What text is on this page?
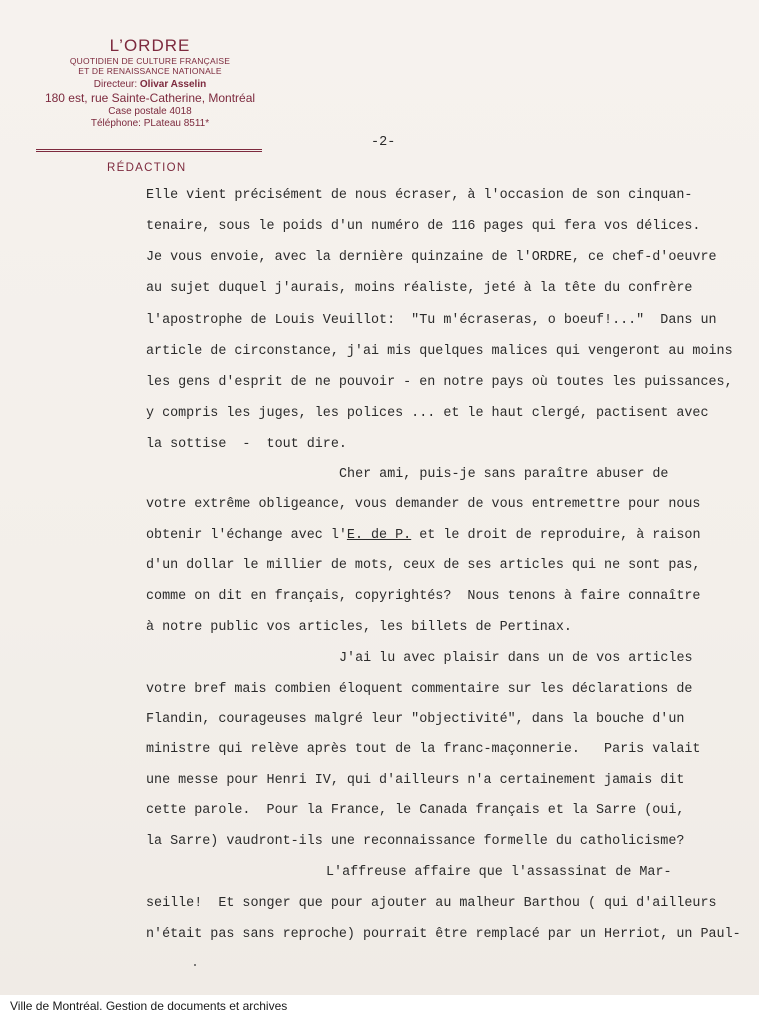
L’ORDRE
QUOTIDIEN DE CULTURE FRANÇAISE
ET DE RENAISSANCE NATIONALE
Directeur: Olivar Asselin
180 est, rue Sainte-Catherine, Montréal
Case postale 4018
Téléphone: PLateau 8511*
RÉDACTION
-2-
Elle vient précisément de nous écraser, à l'occasion de son cinquan-
tenaire, sous le poids d'un numéro de 116 pages qui fera vos délices.
Je vous envoie, avec la dernière quinzaine de l'ORDRE, ce chef-d'oeuvre
au sujet duquel j'aurais, moins réaliste, jeté à la tête du confrère
l'apostrophe de Louis Veuillot:  "Tu m'écraseras, o boeuf!..."  Dans un
article de circonstance, j'ai mis quelques malices qui vengeront au moins
les gens d'esprit de ne pouvoir - en notre pays où toutes les puissances,
y compris les juges, les polices ... et le haut clergé, pactisent avec
la sottise  -  tout dire.
Cher ami, puis-je sans paraître abuser de
votre extrême obligeance, vous demander de vous entremettre pour nous
obtenir l'échange avec l'E. de P. et le droit de reproduire, à raison
d'un dollar le millier de mots, ceux de ses articles qui ne sont pas,
comme on dit en français, copyrightés?  Nous tenons à faire connaître
à notre public vos articles, les billets de Pertinax.
J'ai lu avec plaisir dans un de vos articles
votre bref mais combien éloquent commentaire sur les déclarations de
Flandin, courageuses malgré leur "objectivité", dans la bouche d'un
ministre qui relève après tout de la franc-maçonnerie.   Paris valait
une messe pour Henri IV, qui d'ailleurs n'a certainement jamais dit
cette parole.  Pour la France, le Canada français et la Sarre (oui,
la Sarre) vaudront-ils une reconnaissance formelle du catholicisme?
L'affreuse affaire que l'assassinat de Mar-
seille!  Et songer que pour ajouter au malheur Barthou ( qui d'ailleurs
n'était pas sans reproche) pourrait être remplacé par un Herriot, un Paul-
Ville de Montréal. Gestion de documents et archives
